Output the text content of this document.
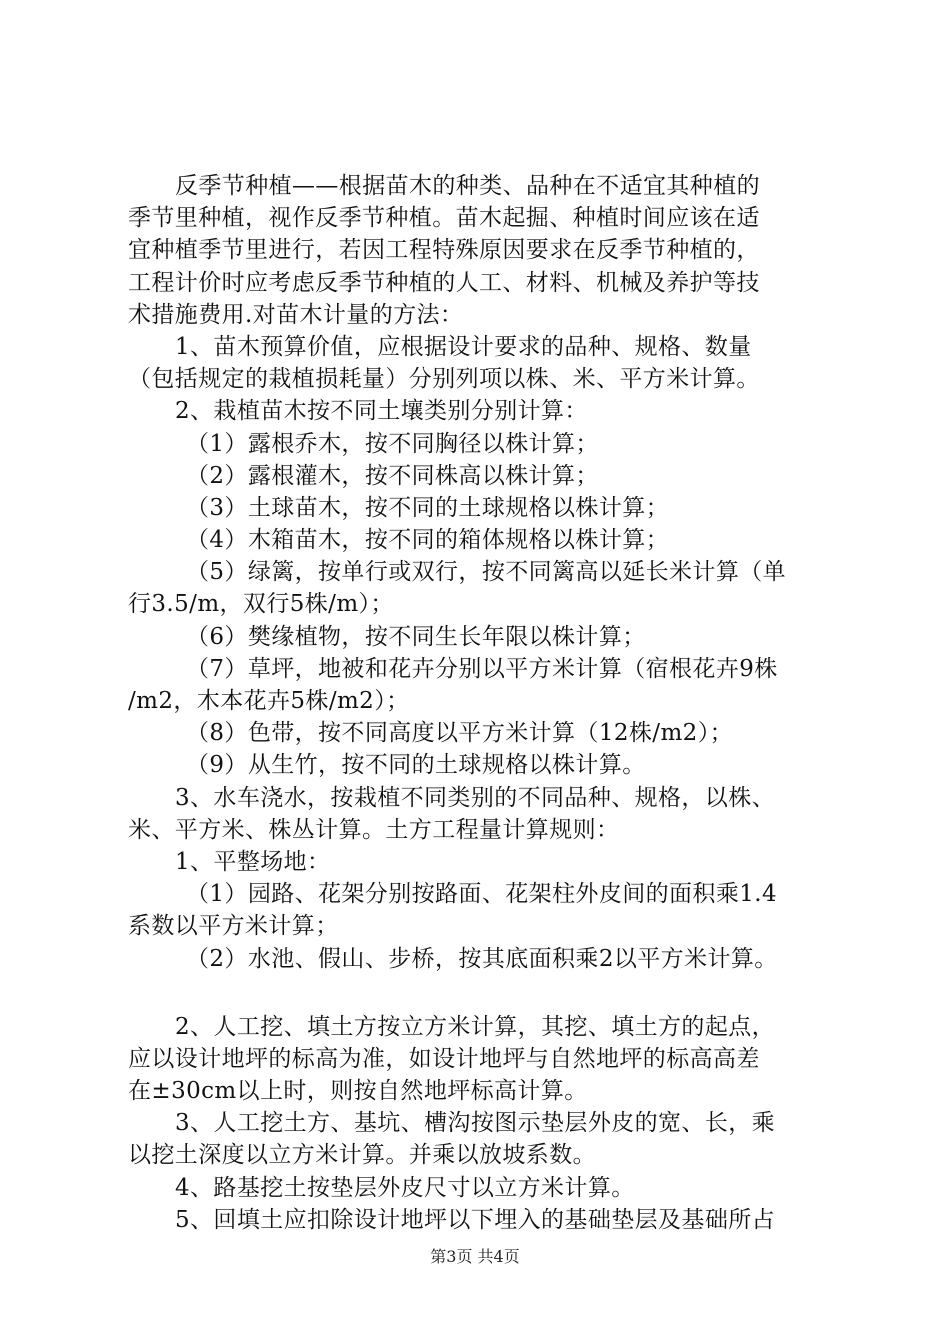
反季节种植——根据苗木的种类、品种在不适宜其种植的
季节里种植，视作反季节种植。苗木起掘、种植时间应该在适
宜种植季节里进行，若因工程特殊原因要求在反季节种植的，
工程计价时应考虑反季节种植的人工、材料、机械及养护等技
术措施费用.对苗木计量的方法：
1、苗木预算价值，应根据设计要求的品种、规格、数量
（包括规定的栽植损耗量）分别列项以株、米、平方米计算。
2、栽植苗木按不同土壤类别分别计算：
（1）露根乔木，按不同胸径以株计算；
（2）露根灌木，按不同株高以株计算；
（3）土球苗木，按不同的土球规格以株计算；
（4）木箱苗木，按不同的箱体规格以株计算；
（5）绿篱，按单行或双行，按不同篱高以延长米计算（单
行3.5/m，双行5株/m）；
（6）樊缘植物，按不同生长年限以株计算；
（7）草坪，地被和花卉分别以平方米计算（宿根花卉9株
/m2，木本花卉5株/m2）；
（8）色带，按不同高度以平方米计算（12株/m2）；
（9）从生竹，按不同的土球规格以株计算。
3、水车浇水，按栽植不同类别的不同品种、规格，以株、
米、平方米、株丛计算。土方工程量计算规则：
1、平整场地：
（1）园路、花架分别按路面、花架柱外皮间的面积乘1.4
系数以平方米计算；
（2）水池、假山、步桥，按其底面积乘2以平方米计算。
2、人工挖、填土方按立方米计算，其挖、填土方的起点，
应以设计地坪的标高为准，如设计地坪与自然地坪的标高高差
在±30cm以上时，则按自然地坪标高计算。
3、人工挖土方、基坑、槽沟按图示垫层外皮的宽、长，乘
以挖土深度以立方米计算。并乘以放坡系数。
4、路基挖土按垫层外皮尺寸以立方米计算。
5、回填土应扣除设计地坪以下埋入的基础垫层及基础所占
第3页 共4页
